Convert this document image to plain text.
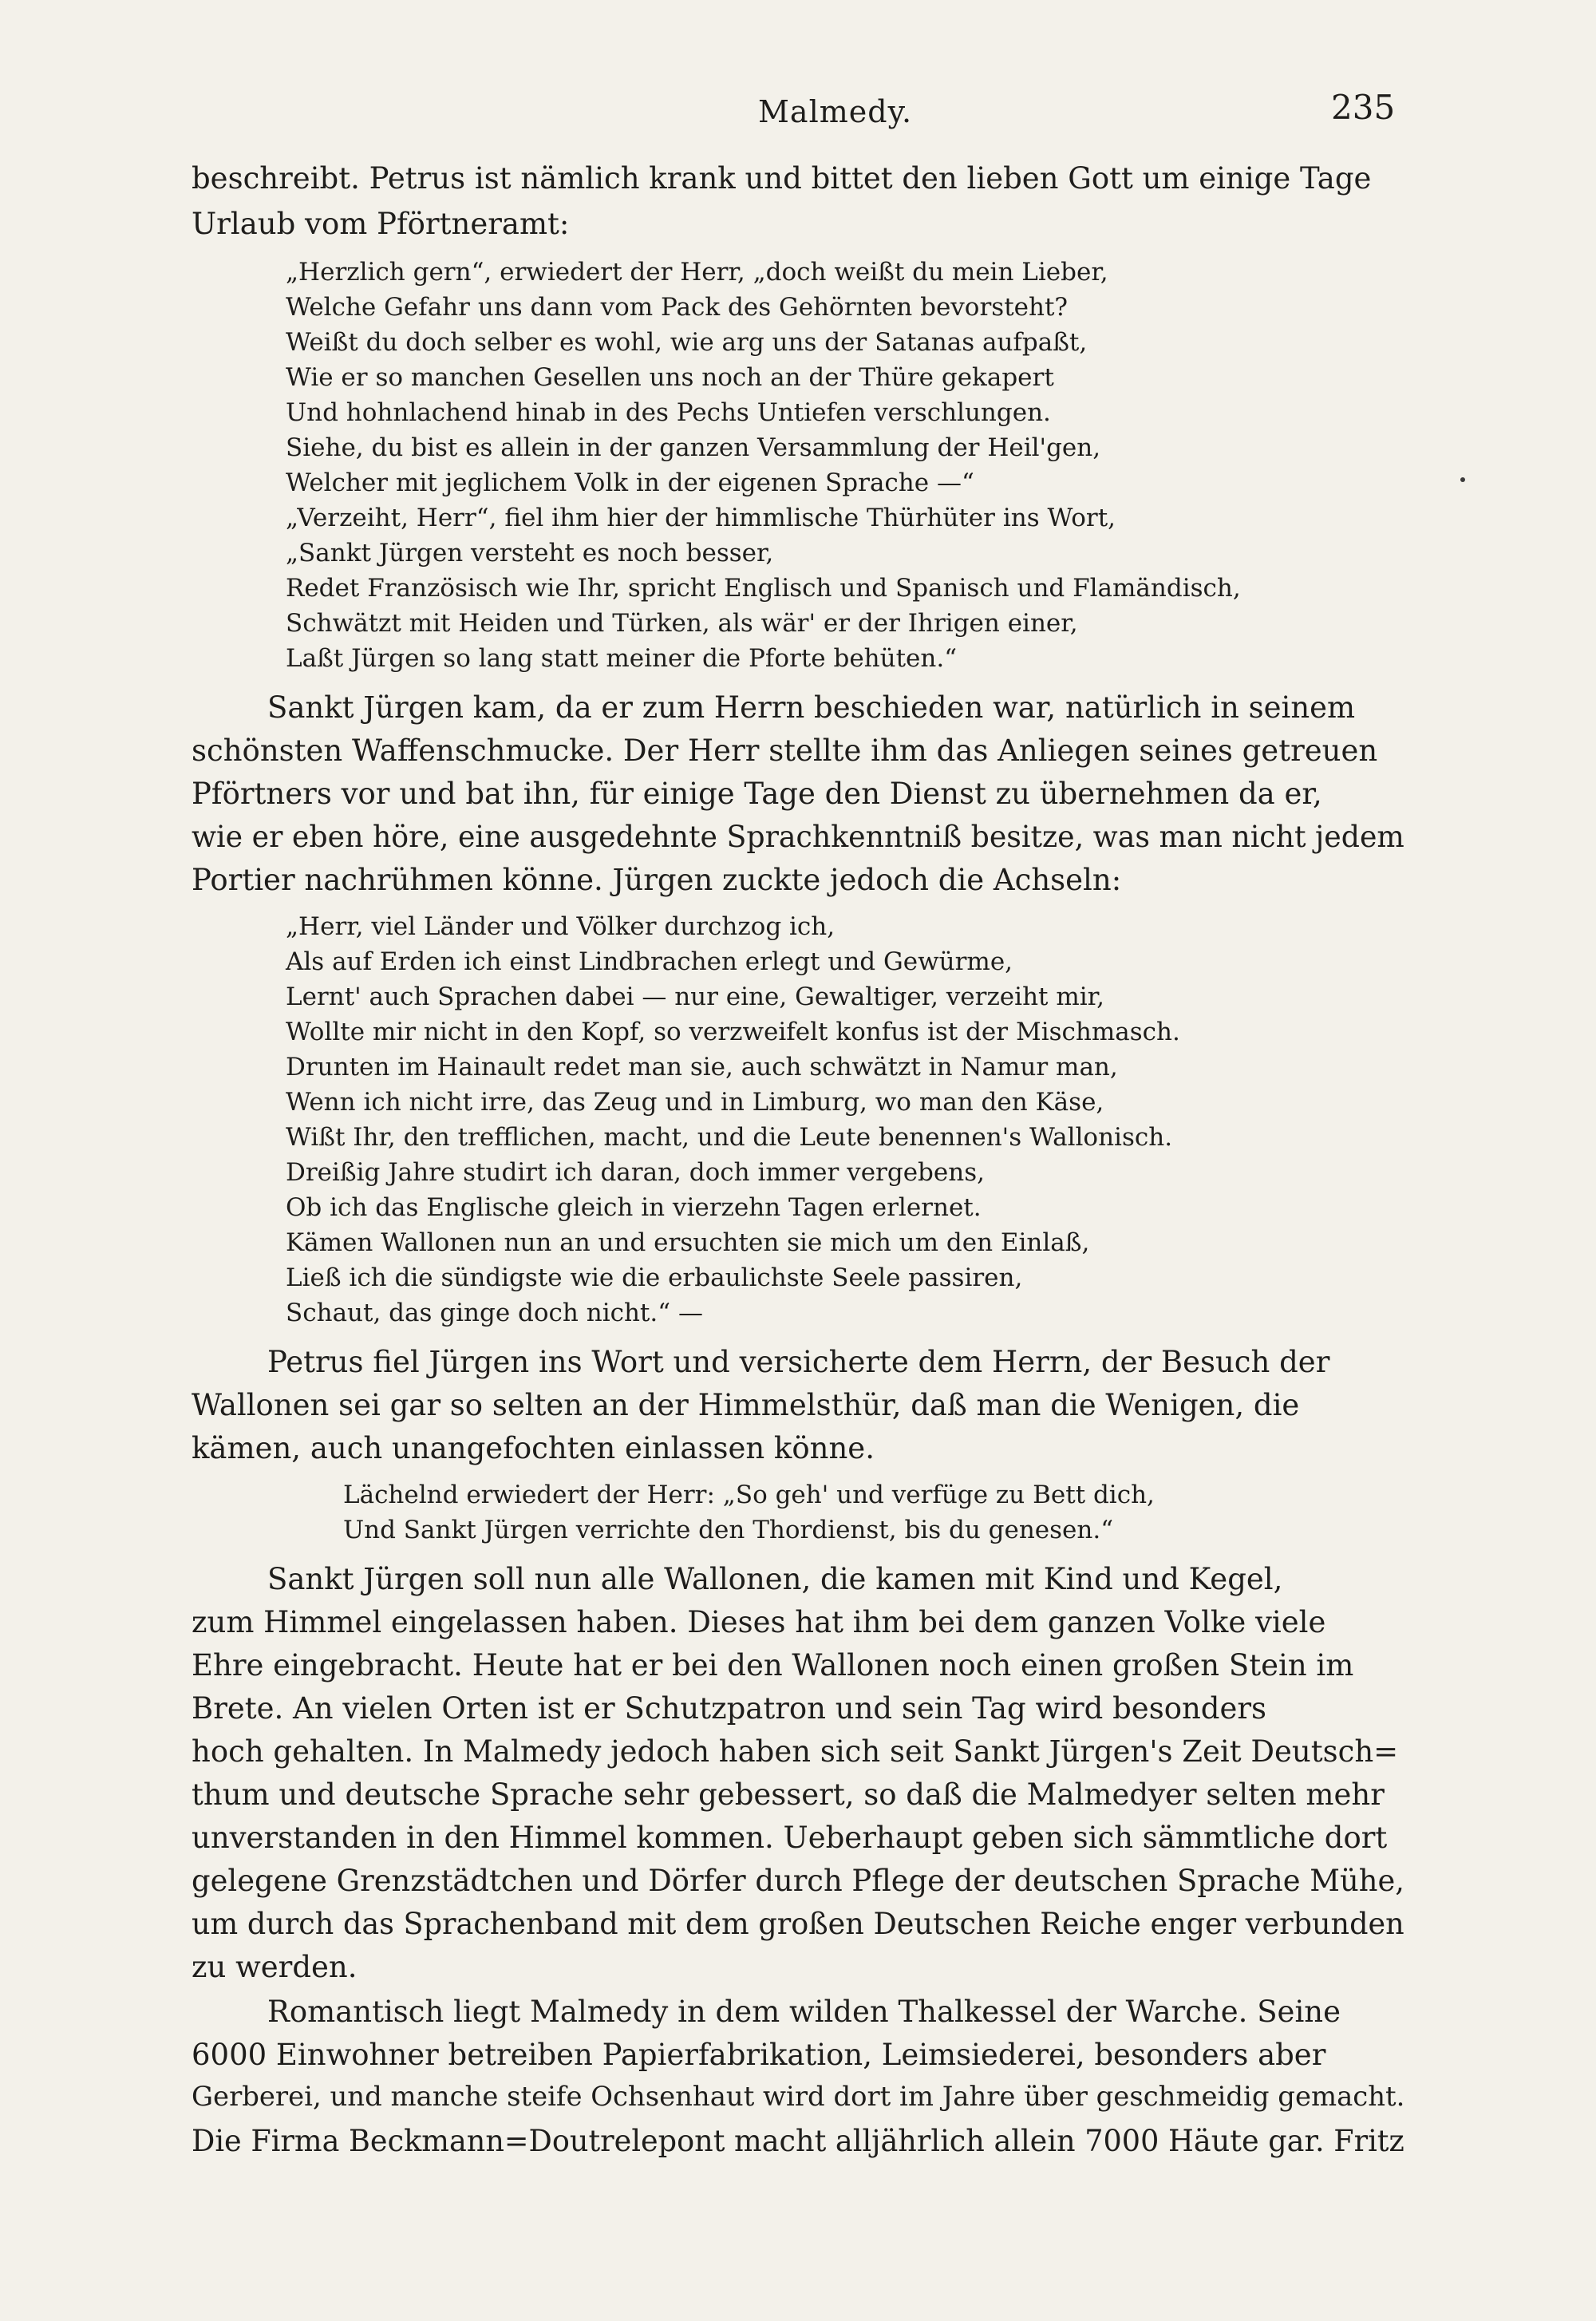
Malmedy.	235
beschreibt. Petrus ist nämlich krank und bittet den lieben Gott um einige Tage
Urlaub vom Pförtneramt:
„Herzlich gern“, erwiedert der Herr, „doch weißt du mein Lieber,
Welche Gefahr uns dann vom Pack des Gehörnten bevorsteht?
Weißt du doch selber es wohl, wie arg uns der Satanas aufpaßt,
Wie er so manchen Gesellen uns noch an der Thüre gekapert
Und hohnlachend hinab in des Pechs Untiefen verschlungen.
Siehe, du bist es allein in der ganzen Versammlung der Heil'gen,
Welcher mit jeglichem Volk in der eigenen Sprache —“
„Verzeiht, Herr“, fiel ihm hier der himmlische Thürhüter ins Wort,
„Sankt Jürgen versteht es noch besser,
Redet Französisch wie Ihr, spricht Englisch und Spanisch und Flamändisch,
Schwätzt mit Heiden und Türken, als wär' er der Ihrigen einer,
Laßt Jürgen so lang statt meiner die Pforte behüten.“
Sankt Jürgen kam, da er zum Herrn beschieden war, natürlich in seinem
schönsten Waffenschmucke. Der Herr stellte ihm das Anliegen seines getreuen
Pförtners vor und bat ihn, für einige Tage den Dienst zu übernehmen da er,
wie er eben höre, eine ausgedehnte Sprachkenntniß besitze, was man nicht jedem
Portier nachrühmen könne. Jürgen zuckte jedoch die Achseln:
„Herr, viel Länder und Völker durchzog ich,
Als auf Erden ich einst Lindbrachen erlegt und Gewürme,
Lernt' auch Sprachen dabei — nur eine, Gewaltiger, verzeiht mir,
Wollte mir nicht in den Kopf, so verzweifelt konfus ist der Mischmasch.
Drunten im Hainault redet man sie, auch schwätzt in Namur man,
Wenn ich nicht irre, das Zeug und in Limburg, wo man den Käse,
Wißt Ihr, den trefflichen, macht, und die Leute benennen's Wallonisch.
Dreißig Jahre studirt ich daran, doch immer vergebens,
Ob ich das Englische gleich in vierzehn Tagen erlernet.
Kämen Wallonen nun an und ersuchten sie mich um den Einlaß,
Ließ ich die sündigste wie die erbaulichste Seele passiren,
Schaut, das ginge doch nicht.“ —
Petrus fiel Jürgen ins Wort und versicherte dem Herrn, der Besuch der
Wallonen sei gar so selten an der Himmelsthür, daß man die Wenigen, die
kämen, auch unangefochten einlassen könne.
Lächelnd erwiedert der Herr: „So geh' und verfüge zu Bett dich,
Und Sankt Jürgen verrichte den Thordienst, bis du genesen.“
Sankt Jürgen soll nun alle Wallonen, die kamen mit Kind und Kegel,
zum Himmel eingelassen haben. Dieses hat ihm bei dem ganzen Volke viele
Ehre eingebracht. Heute hat er bei den Wallonen noch einen großen Stein im
Brete. An vielen Orten ist er Schutzpatron und sein Tag wird besonders
hoch gehalten. In Malmedy jedoch haben sich seit Sankt Jürgen's Zeit Deutsch=
thum und deutsche Sprache sehr gebessert, so daß die Malmedyer selten mehr
unverstanden in den Himmel kommen. Ueberhaupt geben sich sämmtliche dort
gelegene Grenzstädtchen und Dörfer durch Pflege der deutschen Sprache Mühe,
um durch das Sprachenband mit dem großen Deutschen Reiche enger verbunden
zu werden.
Romantisch liegt Malmedy in dem wilden Thalkessel der Warche. Seine
6000 Einwohner betreiben Papierfabrikation, Leimsiederei, besonders aber
Gerberei, und manche steife Ochsenhaut wird dort im Jahre über geschmeidig gemacht.
Die Firma Beckmann=Doutrelepont macht alljährlich allein 7000 Häute gar. Fritz
